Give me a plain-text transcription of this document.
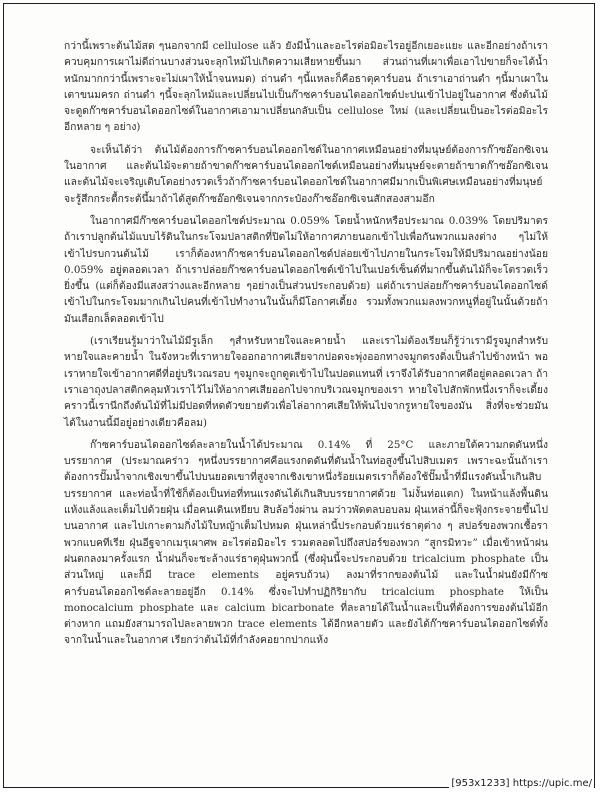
กว่านี้เพราะต้นไม้สด ๆนอกจากมี cellulose แล้ว ยังมีน้ำและอะไรต่อมิอะไรอยู่อีกเยอะแยะ และอีกอย่างถ้าเราควบคุมการเผาไม่ดีถ่านบางส่วนจะลุกไหม้ไปเกิดความเสียหายขึ้นมา ส่วนถ่านที่เผาเพื่อเอาไปขายก็จะได้น้ำหนักมากกว่านี้เพราะจะไม่เผาให้น้ำจนหมด) ถ่านดำ ๆนี้แหละก็คือธาตุคาร์บอน ถ้าเราเอาถ่านดำ ๆนี้มาเผาในเตาขนมครก ถ่านดำ ๆนี้จะลุกไหม้และเปลี่ยนไปเป็นก๊าซคาร์บอนไดออกไซด์ปะปนเข้าไปอยู่ในอากาศ ซึ่งต้นไม้จะดูดก๊าซคาร์บอนไดออกไซด์ในอากาศเอามาเปลี่ยนกลับเป็น cellulose ใหม่ (และเปลี่ยนเป็นอะไรต่อมิอะไรอีกหลาย ๆ อย่าง)

จะเห็นได้ว่า ต้นไม้ต้องการก๊าซคาร์บอนไดออกไซด์ในอากาศเหมือนอย่างที่มนุษย์ต้องการก๊าซอ๊อกซิเจนในอากาศ และต้นไม้จะตายถ้าขาดก๊าซคาร์บอนไดออกไซด์เหมือนอย่างที่มนุษย์จะตายถ้าขาดก๊าซอ๊อกซิเจน และต้นไม้จะเจริญเติบโตอย่างรวดเร็วถ้าก๊าซคาร์บอนไดออกไซด์ในอากาศมีมากเป็นพิเศษเหมือนอย่างที่มนุษย์จะรู้สึกกระตื้กระต้นึ้มาถ้าได้สูดก๊าซอ๊อกซิเจนจากกระป๋องก๊าซอ๊อกซิเจนสักสองสามอึก

ในอากาศมีก๊าซคาร์บอนไดออกไซด์ประมาณ 0.059% โดยน้ำหนักหรือประมาณ 0.039% โดยปริมาตร ถ้าเราปลูกต้นไม้แบบไร้ดินในกระโจมปลาสติกที่ปิดไม่ให้อากาศภายนอกเข้าไปเพื่อกันพวกแมลงต่าง ๆไม่ให้เข้าไปรบกวนต้นไม้ เราก็ต้องหาก๊าซคาร์บอนไดออกไซด์ปล่อยเข้าไปภายในกระโจมให้มีปริมาณอย่างน้อย 0.059% อยู่ตลอดเวลา ถ้าเราปล่อยก๊าซคาร์บอนไดออกไซด์เข้าไปในเปอร์เซ็นต์ที่มากขึ้นต้นไม้ก็จะโตรวดเร็วยิ่งขึ้น (แต่ก็ต้องมีแสงสว่างและอีกหลาย ๆอย่างเป็นส่วนประกอบด้วย) แต่ถ้าเราปล่อยก๊าซคาร์บอนไดออกไซด์เข้าไปในกระโจมมากเกินไปคนที่เข้าไปทำงานในนั้นก็มีโอกาศเดี้ยง รวมทั้งพวกแมลงพวกหนูที่อยู่ในนั้นด้วยถ้ามันเสือกเล็ดลอดเข้าไป

(เราเรียนรู้มาว่าในไม้มีรูเล็ก ๆสำหรับหายใจและคายน้ำ และเราไม่ต้องเรียนก็รู้ว่าเรามีรูจมูกสำหรับหายใจและคายน้ำ ในจังหวะที่เราหายใจออกอากาศเสียจากปอดจะพุ่งออกทางจมูกตรงดิ่งเป็นลำไปข้างหน้า พอเราหายใจเข้าอากาศดีที่อยู่บริเวณรอบ ๆจมูกจะถูกดูดเข้าไปในปอดแทนที่ เราจึงได้รับอากาศดีอยู่ตลอดเวลา ถ้าเราเอาถุงปลาสติกคลุมหัวเราไว้ไม่ให้อากาศเสียออกไปจากบริเวณจมูกของเรา หายใจไปสักพักหนึ่งเราก็จะเดี้ยงคราวนี้เรานึกถึงต้นไม้ที่ไม่มีปอดที่หดตัวขยายตัวเพื่อไล่อากาศเสียให้พ้นไปจากรูหายใจของมัน สิ่งที่จะช่วยมันได้ในงานนี้มีอยู่อย่างเดียวคือลม)

ก๊าซคาร์บอนไดออกไซด์ละลายในน้ำได้ประมาณ 0.14% ที่ 25°C และภายใต้ความกดดันหนึ่งบรรยากาศ (ประมาณคร่าว ๆหนึ่งบรรยากาศคือแรงกดดันที่ตันน้ำในท่อสูงขึ้นไปสิบเมตร เพราะฉะนั้นถ้าเราต้องการปั๊มน้ำจากเชิงเขาขึ้นไปบนยอดเขาที่สูงจากเชิงเขาหนึ่งร้อยเมตรเราก็ต้องใช้ปั๊มน้ำที่มีแรงดันน้ำเกินสิบบรรยากาศ และท่อน้ำที่ใช้ก็ต้องเป็นท่อที่ทนแรงดันได้เกินสิบบรรยากาศด้วย ไม่งั้นท่อแตก) ในหน้าแล้งพื้นดินแห้งแล้งและเต็มไปด้วยฝุ่น เมื่อคนเดินเหยียบ สิบล้อวิ่งผ่าน ลมว่าวพัดตลบอบลม ฝุ่นเหล่านี้ก็จะฟุ้งกระจายขึ้นไปบนอากาศ และไปเกาะตามกิ่งไม้ใบหญ้าเต็มไปหมด ฝุ่นเหล่านี้ประกอบด้วยแร่ธาตุต่าง ๆ สปอร์ของพวกเชื้อราพวกแบคทีเรีย ฝุ่นอีฐจากเมรุเผาศพ อะไรต่อมิอะไร รวมตลอดไปถึงสปอร์ของพวก “สูกรมิทวะ” เมื่อเข้าหน้าฝนฝนตกลงมาครั้งแรก น้ำฝนก็จะชะล้างแร่ธาตุฝุ่นพวกนี้ (ซึ่งฝุ่นนี้จะประกอบด้วย tricalcium phosphate เป็นส่วนใหญ่ และก็มี trace elements อยู่ครบถ้วน) ลงมาที่รากของต้นไม้ และในน้ำฝนยังมีก๊าซคาร์บอนไดออกไซด์ละลายอยู่อีก 0.14% ซึ่งจะไปทำปฏิกิริยากับ tricalcium phosphate ให้เป็น monocalcium phosphate และ calcium bicarbonate ที่ละลายได้ในน้ำและเป็นที่ต้องการของต้นไม้อีกต่างหาก แถมยังสามารถไปละลายพวก trace elements ได้อีกหลายตัว และยังได้ก๊าซคาร์บอนไดออกไซด์ทั้งจากในน้ำและในอากาศ เรียกว่าต้นไม้ที่กำลังคอยากปากแห้ง

[953x1233] https://upic.me/
